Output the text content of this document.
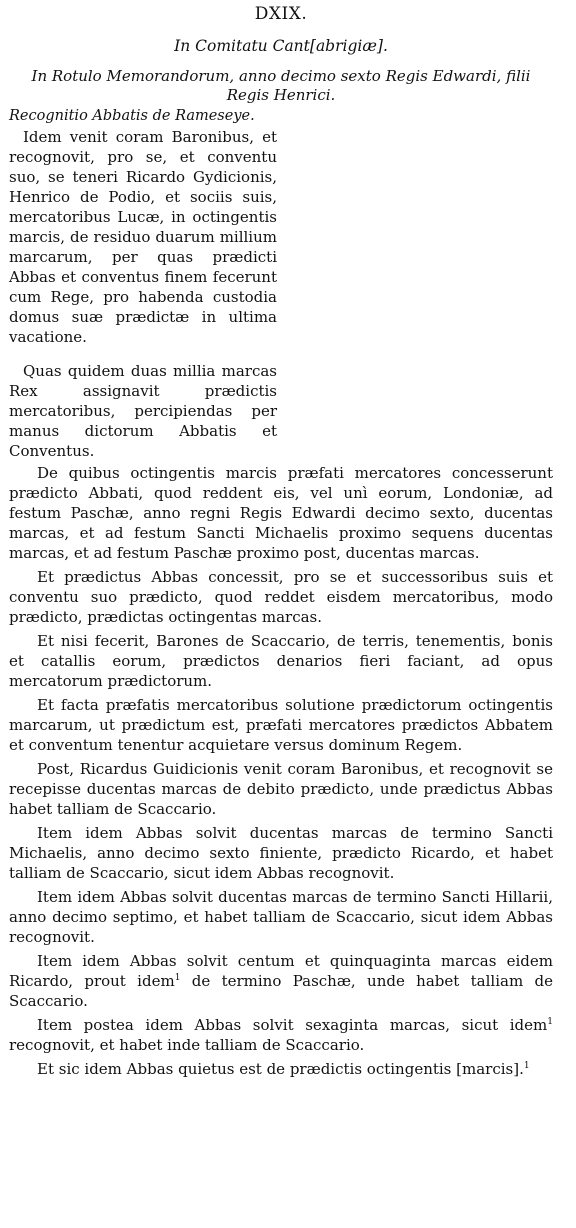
DXIX.
In Comitatu Cant[abrigiæ].
In Rotulo Memorandorum, anno decimo sexto Regis Edwardi, filii Regis Henrici.
Recognitio Abbatis de Rameseye.

Idem venit coram Baronibus, et recognovit, pro se, et conventu suo, se teneri Ricardo Gydicionis, Henrico de Podio, et sociis suis, mercatoribus Lucæ, in octingentis marcis, de residuo duarum millium marcarum, per quas prædicti Abbas et conventus finem fecerunt cum Rege, pro habenda custodia domus suæ prædictæ in ultima vacatione.

Quas quidem duas millia marcas Rex assignavit prædictis mercatoribus, percipiendas per manus dictorum Abbatis et Conventus.

De quibus octingentis marcis præfati mercatores concesserunt prædicto Abbati, quod reddent eis, vel unì eorum, Londoniæ, ad festum Paschæ, anno regni Regis Edwardi decimo sexto, ducentas marcas, et ad festum Sancti Michaelis proximo sequens ducentas marcas, et ad festum Paschæ proximo post, ducentas marcas.

Et prædictus Abbas concessit, pro se et successoribus suis et conventu suo prædicto, quod reddet eisdem mercatoribus, modo prædicto, prædictas octingentas marcas.

Et nisi fecerit, Barones de Scaccario, de terris, tenementis, bonis et catallis eorum, prædictos denarios fieri faciant, ad opus mercatorum prædictorum.

Et facta præfatis mercatoribus solutione prædictorum octingentis marcarum, ut prædictum est, præfati mercatores prædictos Abbatem et conventum tenentur acquietare versus dominum Regem.

Post, Ricardus Guidicionis venit coram Baronibus, et recognovit se recepisse ducentas marcas de debito prædicto, unde prædictus Abbas habet talliam de Scaccario.

Item idem Abbas solvit ducentas marcas de termino Sancti Michaelis, anno decimo sexto finiente, prædicto Ricardo, et habet talliam de Scaccario, sicut idem Abbas recognovit.

Item idem Abbas solvit ducentas marcas de termino Sancti Hillarii, anno decimo septimo, et habet talliam de Scaccario, sicut idem Abbas recognovit.

Item idem Abbas solvit centum et quinquaginta marcas eidem Ricardo, prout idem$^1$ de termino Paschæ, unde habet talliam de Scaccario.

Item postea idem Abbas solvit sexaginta marcas, sicut idem$^1$ recognovit, et habet inde talliam de Scaccario.

Et sic idem Abbas quietus est de prædictis octingentis [marcis].$^1$
